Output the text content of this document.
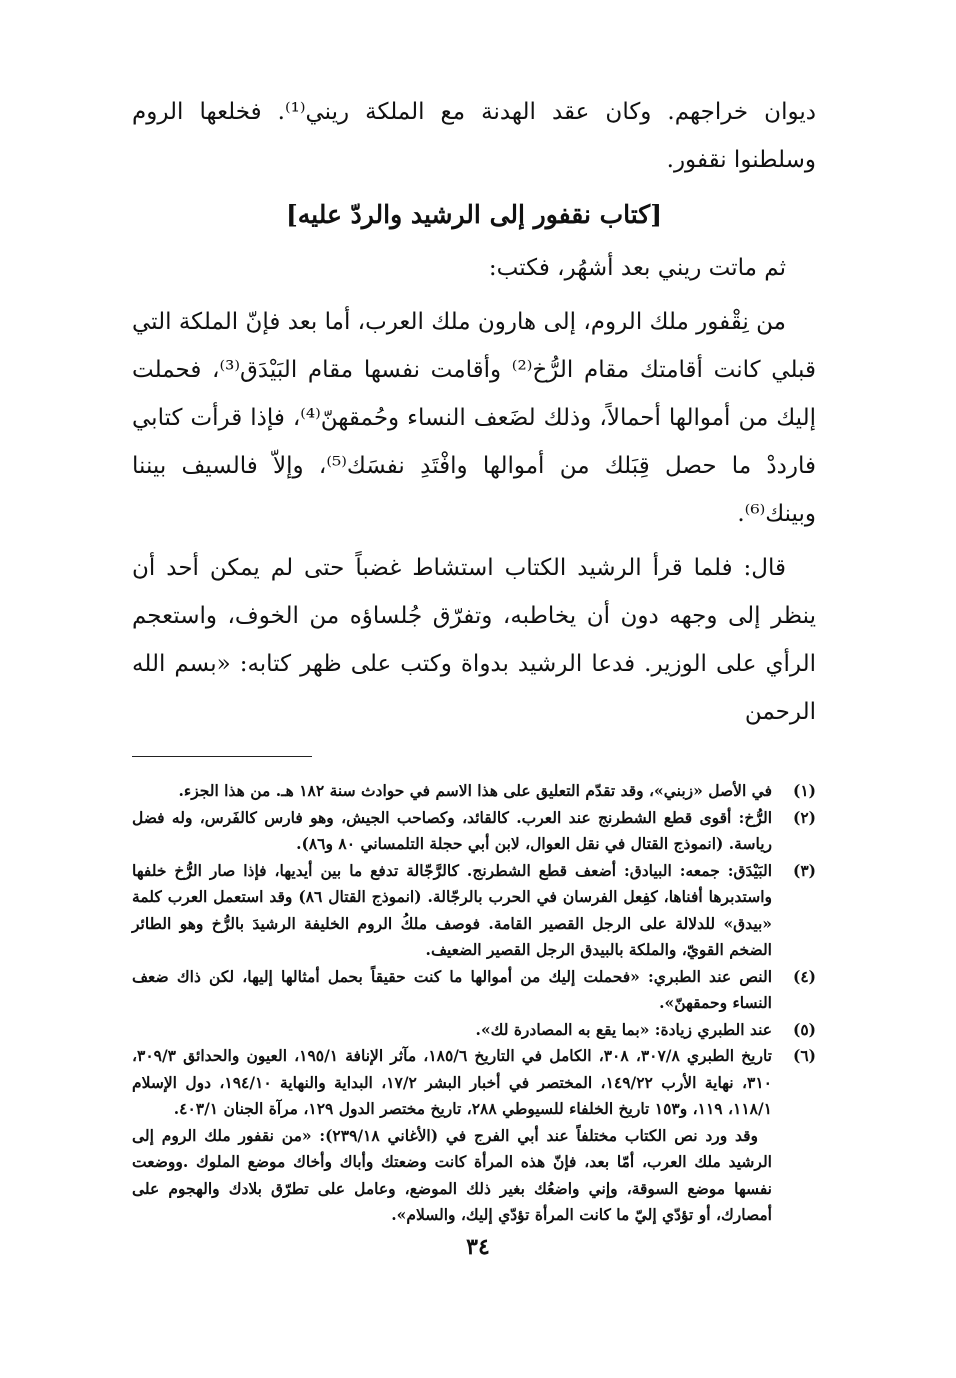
ديوان خراجهم. وكان عقد الهدنة مع الملكة ريني⁽¹⁾. فخلعها الروم وسلطنوا نقفور.

[كتاب نقفور إلى الرشيد والردّ عليه]

ثم ماتت ريني بعد أشهُر، فكتب:

من نِقْفور ملك الروم، إلى هارون ملك العرب، أما بعد فإنّ الملكة التي قبلي كانت أقامتك مقام الرُّخ⁽²⁾ وأقامت نفسها مقام البَيْدَق⁽³⁾، فحملت إليك من أموالها أحمالاً، وذلك لضَعف النساء وحُمقهنّ⁽⁴⁾، فإذا قرأت كتابي فارددْ ما حصل قِبَلك من أموالها وافْتَدِ نفسَك⁽⁵⁾، وإلاّ فالسيف بيننا وبينك⁽⁶⁾.

قال: فلما قرأ الرشيد الكتاب استشاط غضباً حتى لم يمكن أحد أن ينظر إلى وجهه دون أن يخاطبه، وتفرّق جُلساؤه من الخوف، واستعجم الرأي على الوزير. فدعا الرشيد بدواة وكتب على ظهر كتابه: «بسم الله الرحمن

(١)
في الأصل «زبني»، وقد تقدّم التعليق على هذا الاسم في حوادث سنة ١٨٢ هـ. من هذا الجزء.
(٢)
الرُّخ: أقوى قطع الشطرنج عند العرب. كالقائد، وكصاحب الجيش، وهو فارس كالفَرس، وله فضل رياسة. (انموذج القتال في نقل العوال، لابن أبي حجلة التلمساني ٨٠ و٨٦).
(٣)
البَيْدَق: جمعه: البيادق: أضعف قطع الشطرنج. كالرَّجّالة تدفع ما بين أيديها، فإذا صار الرُّخ خلفها واستدبرها أفناها، كفِعل الفرسان في الحرب بالرجّالة. (انموذج القتال ٨٦) وقد استعمل العرب كلمة «بيدق» للدلالة على الرجل القصير القامة. فوصف ملكُ الروم الخليفة الرشيدَ بالرُّخ وهو الطائر الضخم القويّ، والملكة بالبيدق الرجل القصير الضعيف.
(٤)
النص عند الطبري: «فحملت إليك من أموالها ما كنت حقيقاً بحمل أمثالها إليها، لكن ذاك ضعف النساء وحمقهنّ».
(٥)
عند الطبري زيادة: «بما يقع به المصادرة لك».
(٦)
تاريخ الطبري ٣٠٧/٨، ٣٠٨، الكامل في التاريخ ١٨٥/٦، مآثر الإنافة ١٩٥/١، العيون والحدائق ٣٠٩/٣، ٣١٠، نهاية الأرب ١٤٩/٢٢، المختصر في أخبار البشر ١٧/٢، البداية والنهاية ١٩٤/١٠، دول الإسلام ١١٨/١، ١١٩، و١٥٣ تاريخ الخلفاء للسيوطي ٢٨٨، تاريخ مختصر الدول ١٢٩، مرآة الجنان ٤٠٣/١.
وقد ورد نص الكتاب مختلفاً عند أبي الفرج في (الأغاني ٢٣٩/١٨): «من نقفور ملك الروم إلى الرشيد ملك العرب، أمّا بعد، فإنّ هذه المرأة كانت وضعتك وأباك وأخاك موضع الملوك .ووضعت نفسها موضع السوقة، وإني واضعُك بغير ذلك الموضع، وعامل على تطرّق بلادك والهجوم على أمصارك، أو تؤدّي إليّ ما كانت المرأة تؤدّي إليك، والسلام».
٣٤
